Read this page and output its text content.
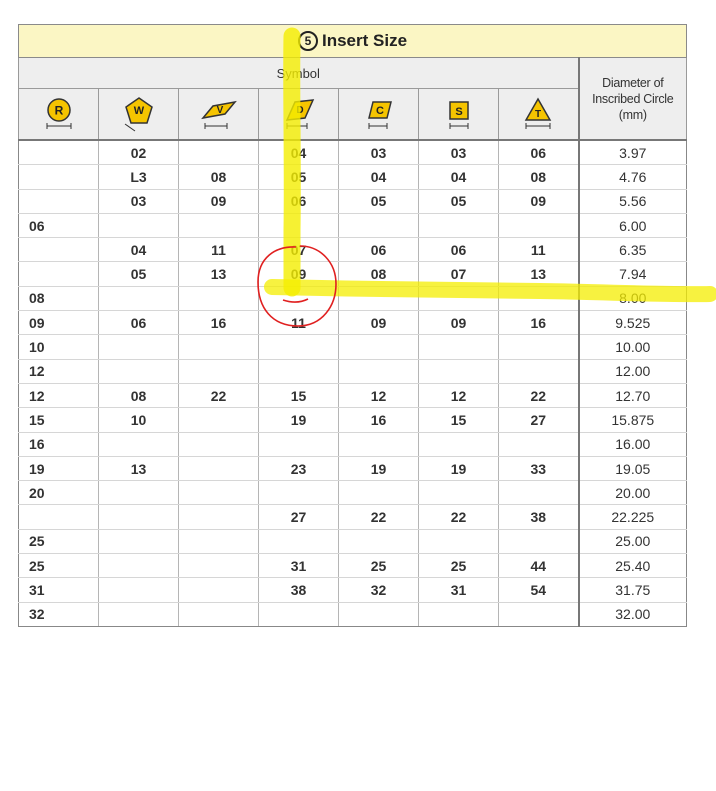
5 Insert Size							
Symbol							Diameter of
Inscribed Circle
(mm)

R	W	V	D	C	S	T	

	02		04	03	03	06	3.97
	L3	08	05	04	04	08	4.76
	03	09	06	05	05	09	5.56
06							6.00
	04	11	07	06	06	11	6.35
	05	13	09	08	07	13	7.94
08							8.00
09	06	16	11	09	09	16	9.525
10							10.00
12							12.00
12	08	22	15	12	12	22	12.70
15	10		19	16	15	27	15.875
16							16.00
19	13		23	19	19	33	19.05
20							20.00
			27	22	22	38	22.225
25							25.00
25			31	25	25	44	25.40
31			38	32	31	54	31.75
32							32.00
